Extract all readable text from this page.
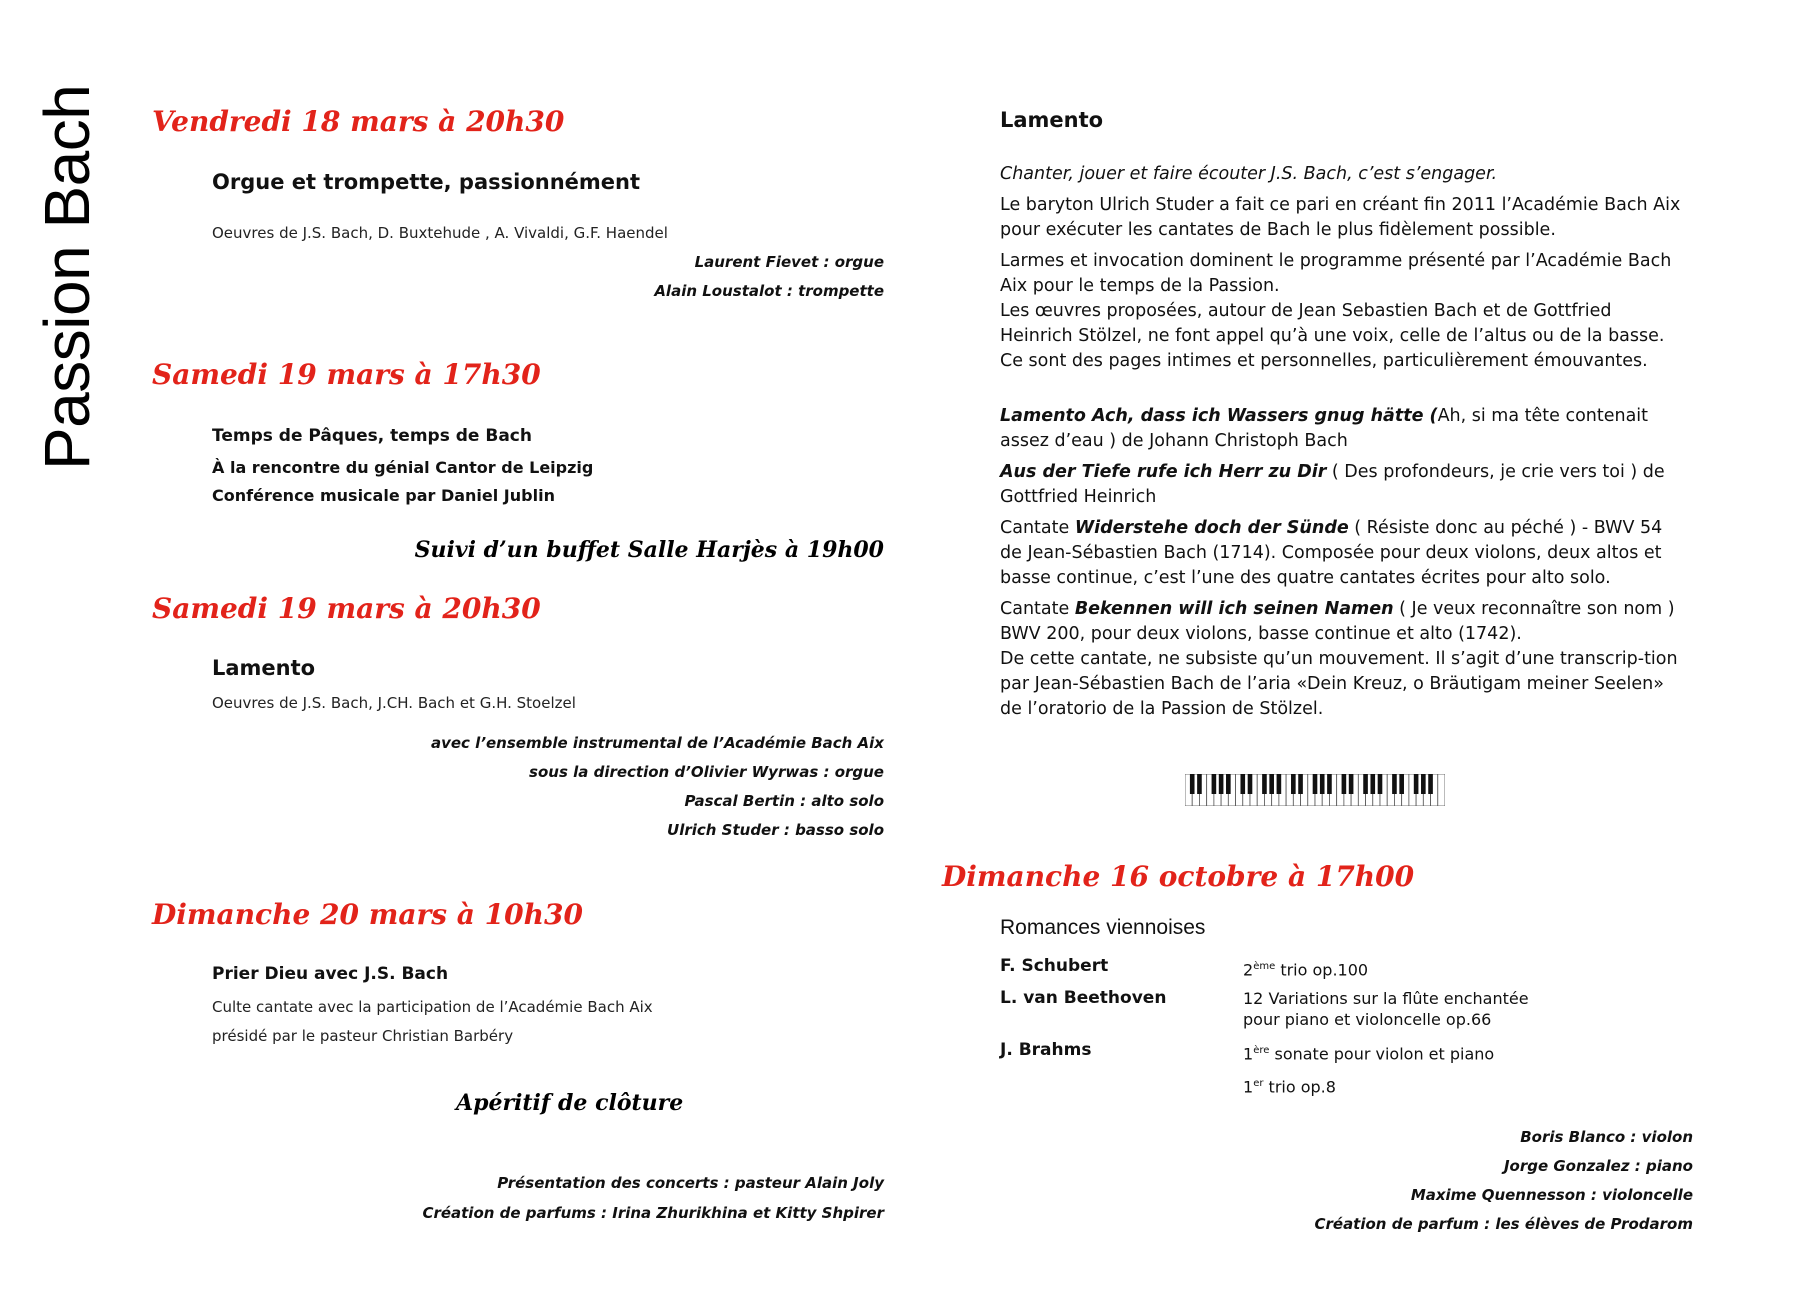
Passion Bach Vendredi 18 mars à 20h30
Orgue et trompette, passionnément
Oeuvres de J.S. Bach, D. Buxtehude , A. Vivaldi, G.F. Haendel
Laurent Fievet : orgue
Alain Loustalot : trompette
Samedi 19 mars à 17h30
Temps de Pâques, temps de Bach
À la rencontre du génial Cantor de Leipzig
Conférence musicale par Daniel Jublin
Suivi d’un buffet Salle Harjès à 19h00
Samedi 19 mars à 20h30
Lamento
Oeuvres de J.S. Bach, J.CH. Bach et G.H. Stoelzel
avec l’ensemble instrumental de l’Académie Bach Aix
sous la direction d’Olivier Wyrwas : orgue
Pascal Bertin : alto solo
Ulrich Studer : basso solo
Dimanche 20 mars à 10h30
Prier Dieu avec J.S. Bach
Culte cantate avec la participation de l’Académie Bach Aix
présidé par le pasteur Christian Barbéry
Apéritif de clôture
Présentation des concerts : pasteur Alain Joly
Création de parfums : Irina Zhurikhina et Kitty Shpirer
Lamento

Chanter, jouer et faire écouter J.S. Bach, c’est s’engager.

Le baryton Ulrich Studer a fait ce pari en créant fin 2011 l’Académie Bach Aix pour exécuter les cantates de Bach le plus fidèlement possible.

Larmes et invocation dominent le programme présenté par l’Académie Bach Aix pour le temps de la Passion.
Les œuvres proposées, autour de Jean Sebastien Bach et de Gottfried Heinrich Stölzel, ne font appel qu’à une voix, celle de l’altus ou de la basse.
Ce sont des pages intimes et personnelles, particulièrement émouvantes.

Lamento Ach, dass ich Wassers gnug hätte (Ah, si ma tête contenait assez d’eau ) de Johann Christoph Bach

Aus der Tiefe rufe ich Herr zu Dir ( Des profondeurs, je crie vers toi ) de Gottfried Heinrich

Cantate Widerstehe doch der Sünde ( Résiste donc au péché ) - BWV 54 de Jean-Sébastien Bach (1714). Composée pour deux violons, deux altos et basse continue, c’est l’une des quatre cantates écrites pour alto solo.

Cantate Bekennen will ich seinen Namen ( Je veux reconnaître son nom ) BWV 200, pour deux violons, basse continue et alto (1742).
De cette cantate, ne subsiste qu’un mouvement. Il s’agit d’une transcrip-tion par Jean-Sébastien Bach de l’aria «Dein Kreuz, o Bräutigam meiner Seelen» de l’oratorio de la Passion de Stölzel.

Dimanche 16 octobre à 17h00
Romances viennoises
F. Schubert	2ème trio op.100
L. van Beethoven	12 Variations sur la flûte enchantée
pour piano et violoncelle op.66
J. Brahms	1ère sonate pour violon et piano
1er trio op.8
Boris Blanco : violon
Jorge Gonzalez : piano
Maxime Quennesson : violoncelle
Création de parfum : les élèves de Prodarom
